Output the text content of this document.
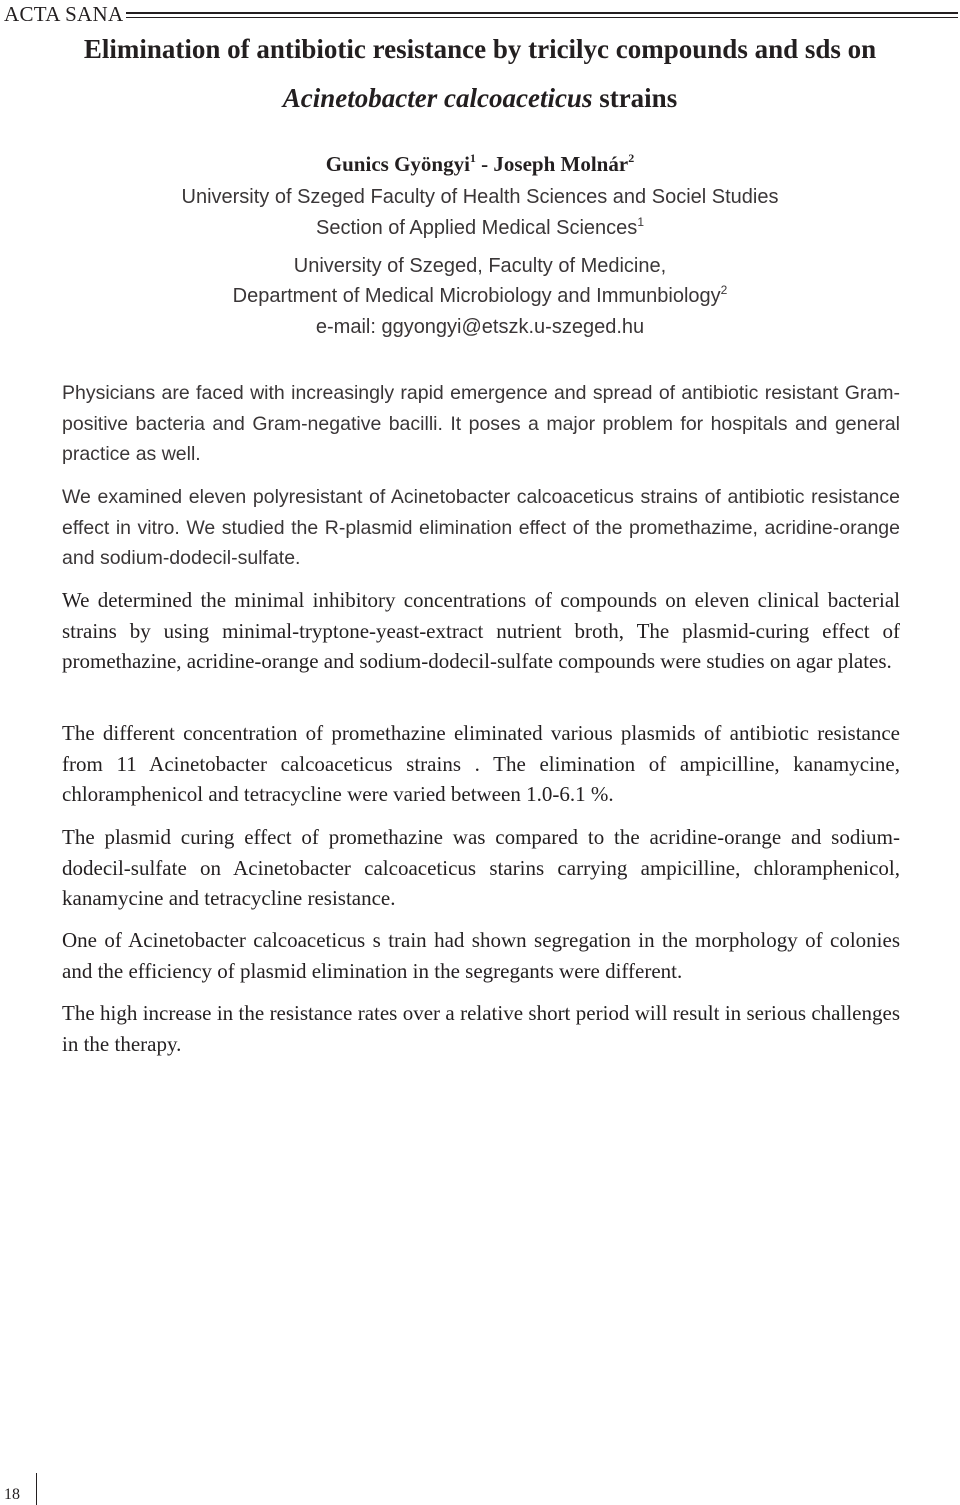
ACTA SANA
Elimination of antibiotic resistance by tricilyc compounds and sds on
Acinetobacter calcoaceticus strains
Gunics Gyöngyi$^1$ - Joseph Molnár$^2$
University of Szeged Faculty of Health Sciences and Sociel Studies
Section of Applied Medical Sciences$^1$
University of Szeged, Faculty of Medicine,
Department of Medical Microbiology and Immunbiology$^2$
e-mail: ggyongyi@etszk.u-szeged.hu

Physicians are faced with increasingly rapid emergence and spread of antibiotic resistant Gram-positive bacteria and Gram-negative bacilli. It poses a major problem for hospitals and general practice as well.

We examined eleven polyresistant of Acinetobacter calcoaceticus strains of antibiotic resistance effect in vitro. We studied the R-plasmid elimination effect of the promethazime, acridine-orange and sodium-dodecil-sulfate.

We determined the minimal inhibitory concentrations of compounds on eleven clinical bacterial strains by using minimal-tryptone-yeast-extract nutrient broth, The plasmid-curing effect of promethazine, acridine-orange and sodium-dodecil-sulfate compounds were studies on agar plates.

The different concentration of promethazine eliminated various plasmids of antibiotic resistance from 11 Acinetobacter calcoaceticus strains . The elimination of ampicilline, kanamycine, chloramphenicol and tetracycline were varied between 1.0-6.1 %.

The plasmid curing effect of promethazine was compared to the acridine-orange and sodium-dodecil-sulfate on Acinetobacter calcoaceticus starins carrying ampicilline, chloramphenicol, kanamycine and tetracycline resistance.

One of Acinetobacter calcoaceticus s train had shown segregation in the morphology of colonies and the efficiency of plasmid elimination in the segregants were different.

The high increase in the resistance rates over a relative short period will result in serious challenges in the therapy.

18
